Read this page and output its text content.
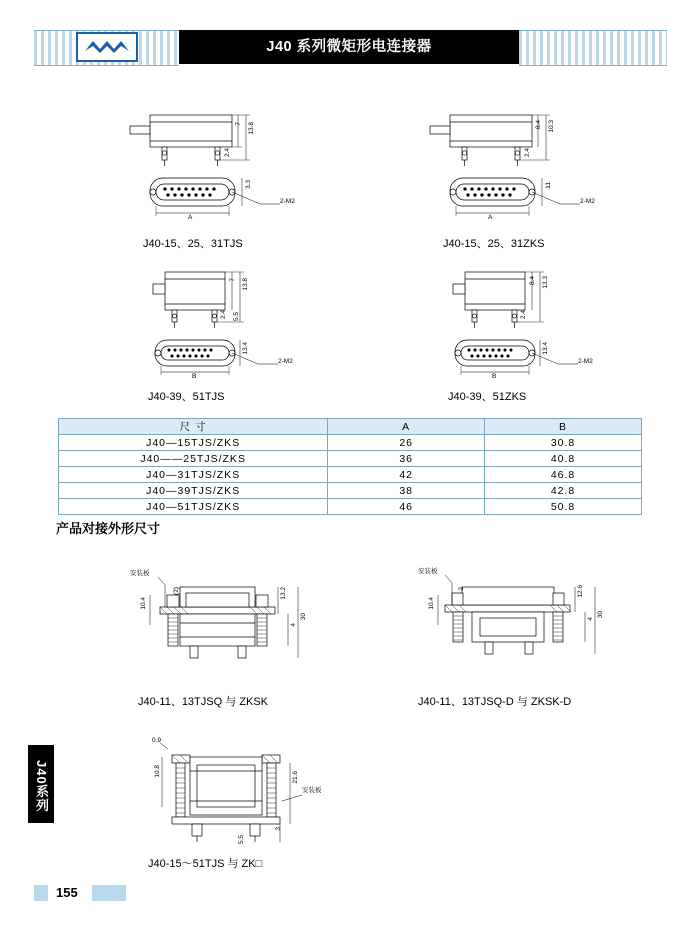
J40 系列微矩形电连接器
7 13.8
2.4
3.3
A
2-M2
J40-15、25、31TJS
8.4 10.3
2.4
11
A
2-M2
J40-15、25、31ZKS
7 13.8
2.4 5.5
13.4
B
2-M2
J40-39、51TJS
8.4 13.3
2.4
13.4
B
2-M2
J40-39、51ZKS
尺 寸	A	B
J40—15TJS/ZKS	26	30.8
J40——25TJS/ZKS	36	40.8
J40—31TJS/ZKS	42	46.8
J40—39TJS/ZKS	38	42.8
J40—51TJS/ZKS	46	50.8
产品对接外形尺寸
安装板
(2)	13.2
10.4
4
30
J40-11、13TJSQ 与 ZKSK
安装板
2	12.6
4
10.4
30
J40-11、13TJSQ-D 与 ZKSK-D
0.9
10.8
安装板
21.6
3
5.5
J40-15～51TJS 与 ZK□
J40系列
155
